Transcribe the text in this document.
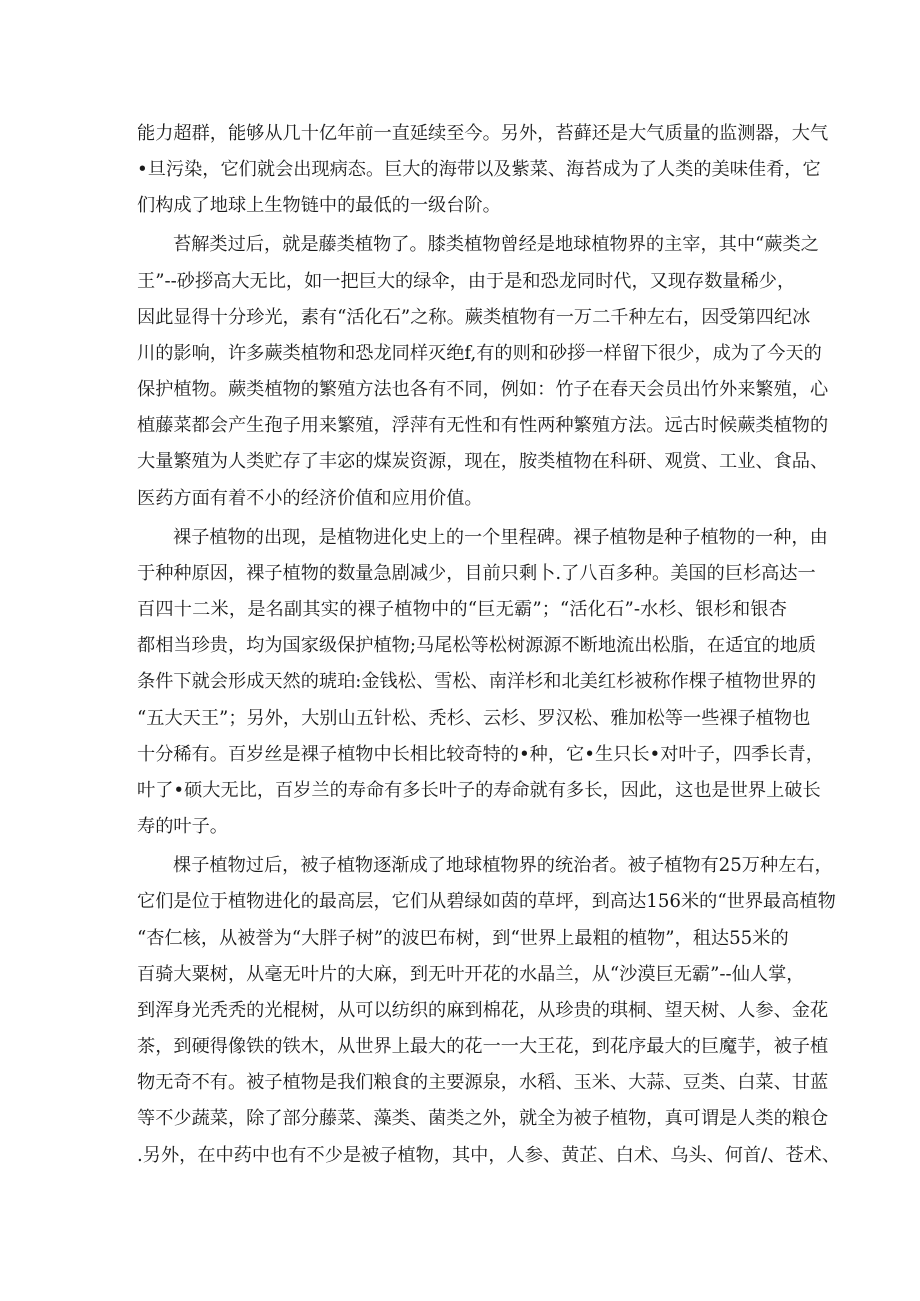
能力超群，能够从几十亿年前一直延续至今。另外，苔藓还是大气质量的监测器，大气
•旦污染，它们就会出现病态。巨大的海带以及紫菜、海苔成为了人类的美味佳肴，它
们构成了地球上生物链中的最低的一级台阶。
苔解类过后，就是藤类植物了。膝类植物曾经是地球植物界的主宰，其中“蕨类之
王”--砂拶高大无比，如一把巨大的绿伞，由于是和恐龙同时代，又现存数量稀少，
因此显得十分珍光，素有“活化石”之称。蕨类植物有一万二千种左右，因受第四纪冰
川的影响，许多蕨类植物和恐龙同样灭绝f,有的则和砂拶一样留下很少，成为了今天的
保护植物。蕨类植物的繁殖方法也各有不同，例如：竹子在春天会员出竹外来繁殖，心
植藤菜都会产生孢子用来繁殖，浮萍有无性和有性两种繁殖方法。远古时候蕨类植物的
大量繁殖为人类贮存了丰宓的煤炭资源，现在，胺类植物在科研、观赏、工业、食品、
医药方面有着不小的经济价值和应用价值。
裸子植物的出现，是植物进化史上的一个里程碑。裸子植物是种子植物的一种，由
于种种原因，裸子植物的数量急剧减少，目前只剩卜.了八百多种。美国的巨杉高达一
百四十二米，是名副其实的裸子植物中的“巨无霸”；“活化石”-水杉、银杉和银杏
都相当珍贵，均为国家级保护植物;马尾松等松树源源不断地流出松脂，在适宜的地质
条件下就会形成天然的琥珀:金钱松、雪松、南洋杉和北美红杉被称作棵子植物世界的
“五大天王”；另外，大别山五针松、秃杉、云杉、罗汉松、雅加松等一些裸子植物也
十分稀有。百岁丝是裸子植物中长相比较奇特的•种，它•生只长•对叶子，四季长青，
叶了•硕大无比，百岁兰的寿命有多长叶子的寿命就有多长，因此，这也是世界上破长
寿的叶子。
棵子植物过后，被子植物逐渐成了地球植物界的统治者。被子植物有25万种左右，
它们是位于植物进化的最高层，它们从碧绿如茵的草坪，到高达156米的“世界最高植物
“杏仁核，从被誉为“大胖子树”的波巴布树，到“世界上最粗的植物”，租达55米的
百骑大粟树，从毫无叶片的大麻，到无叶开花的水晶兰，从“沙漠巨无霸”--仙人掌，
到浑身光秃秃的光棍树，从可以纺织的麻到棉花，从珍贵的琪桐、望天树、人参、金花
茶，到硬得像铁的铁木，从世界上最大的花一一大王花，到花序最大的巨魔芋，被子植
物无奇不有。被子植物是我们粮食的主要源泉，水稻、玉米、大蒜、豆类、白菜、甘蓝
等不少蔬菜，除了部分藤菜、藻类、菌类之外，就全为被子植物，真可谓是人类的粮仓
.另外，在中药中也有不少是被子植物，其中，人参、黄芷、白术、乌头、何首/、苍术、
